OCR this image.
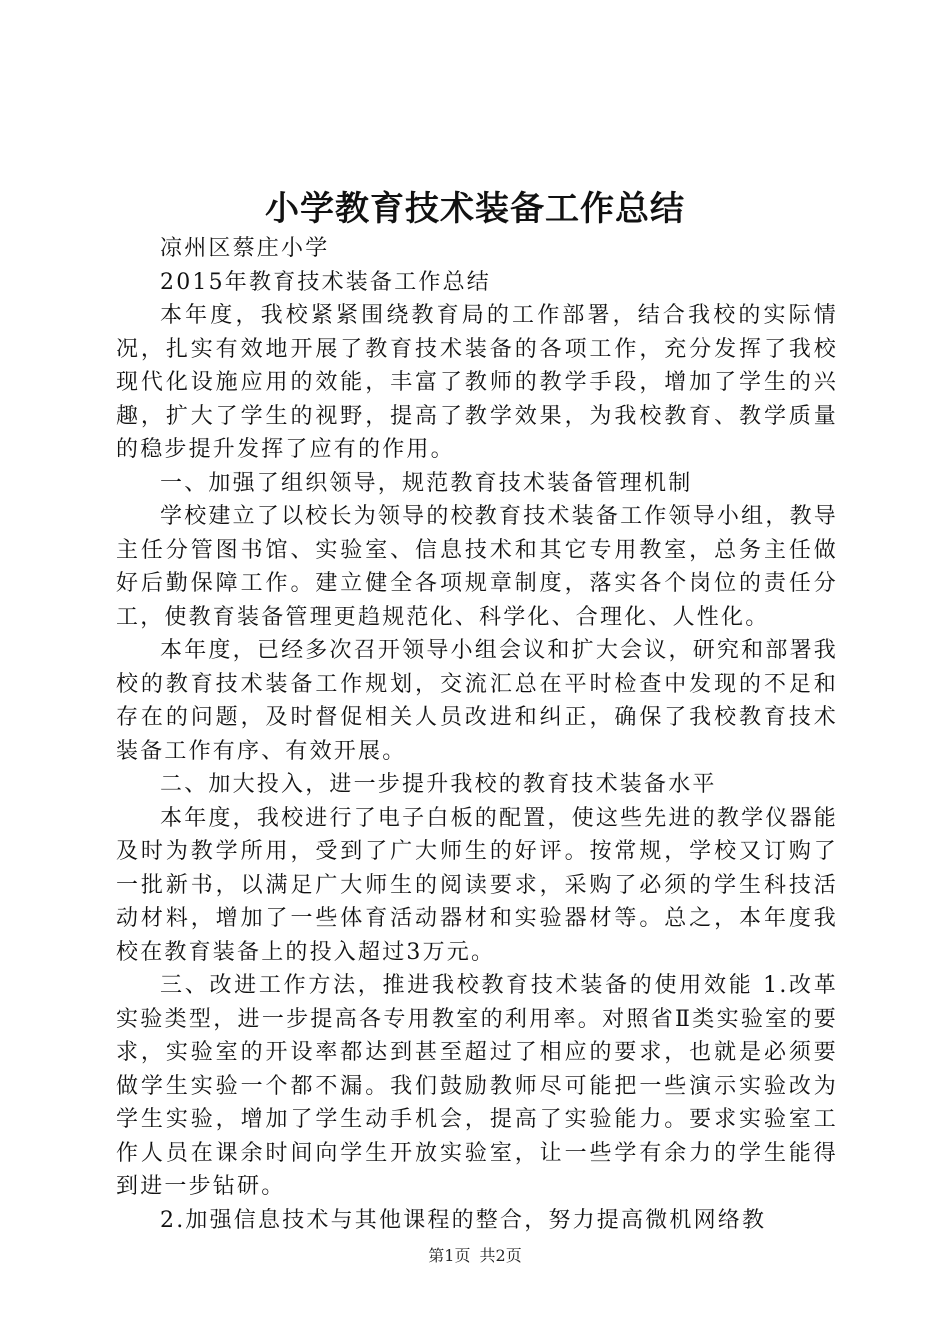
小学教育技术装备工作总结

凉州区蔡庄小学

2015年教育技术装备工作总结

本年度，我校紧紧围绕教育局的工作部署，结合我校的实际情况，扎实有效地开展了教育技术装备的各项工作，充分发挥了我校现代化设施应用的效能，丰富了教师的教学手段，增加了学生的兴趣，扩大了学生的视野，提高了教学效果，为我校教育、教学质量的稳步提升发挥了应有的作用。

一、加强了组织领导，规范教育技术装备管理机制

学校建立了以校长为领导的校教育技术装备工作领导小组，教导主任分管图书馆、实验室、信息技术和其它专用教室，总务主任做好后勤保障工作。建立健全各项规章制度，落实各个岗位的责任分工，使教育装备管理更趋规范化、科学化、合理化、人性化。

本年度，已经多次召开领导小组会议和扩大会议，研究和部署我校的教育技术装备工作规划，交流汇总在平时检查中发现的不足和存在的问题，及时督促相关人员改进和纠正，确保了我校教育技术装备工作有序、有效开展。

二、加大投入，进一步提升我校的教育技术装备水平

本年度，我校进行了电子白板的配置，使这些先进的教学仪器能及时为教学所用，受到了广大师生的好评。按常规，学校又订购了一批新书，以满足广大师生的阅读要求，采购了必须的学生科技活动材料，增加了一些体育活动器材和实验器材等。总之，本年度我校在教育装备上的投入超过3万元。

三、改进工作方法，推进我校教育技术装备的使用效能 1.改革实验类型，进一步提高各专用教室的利用率。对照省Ⅱ类实验室的要求，实验室的开设率都达到甚至超过了相应的要求，也就是必须要做学生实验一个都不漏。我们鼓励教师尽可能把一些演示实验改为学生实验，增加了学生动手机会，提高了实验能力。要求实验室工作人员在课余时间向学生开放实验室，让一些学有余力的学生能得到进一步钻研。

2.加强信息技术与其他课程的整合，努力提高微机网络教

第1页 共2页
